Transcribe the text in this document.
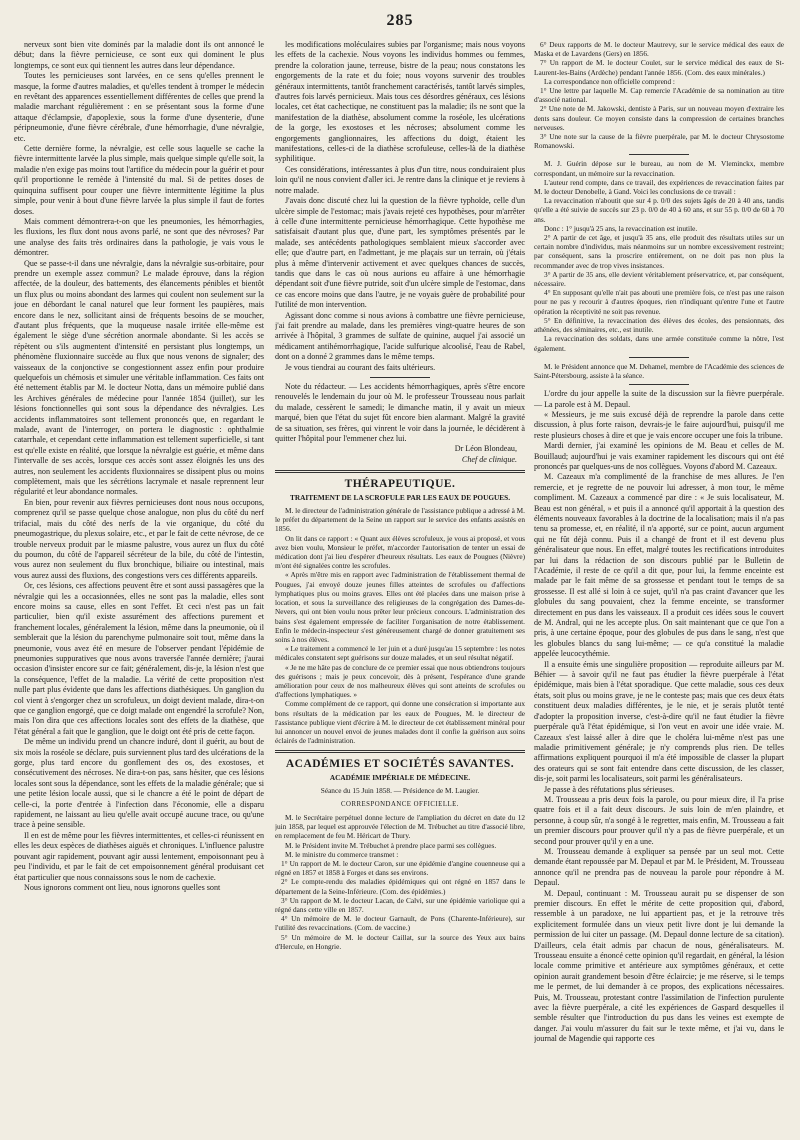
285

nerveux sont bien vite dominés par la maladie dont ils ont annoncé le début; dans la fièvre pernicieuse, ce sont eux qui dominent le plus longtemps, ce sont eux qui tiennent les autres dans leur dépendance.

Toutes les pernicieuses sont larvées, en ce sens qu'elles prennent le masque, la forme d'autres maladies, et qu'elles tendent à tromper le médecin en revêtant des apparences essentiellement différentes de celles que prend la maladie marchant régulièrement : en se présentant sous la forme d'une attaque d'éclampsie, d'apoplexie, sous la forme d'une dysenterie, d'une péripneumonie, d'une fièvre cérébrale, d'une hémorrhagie, d'une névralgie, etc.

Cette dernière forme, la névralgie, est celle sous laquelle se cache la fièvre intermittente larvée la plus simple, mais quelque simple qu'elle soit, la maladie n'en exige pas moins tout l'artifice du médecin pour la guérir et pour qu'il proportionne le remède à l'intensité du mal. Si de petites doses de quinquina suffisent pour couper une fièvre intermittente légitime la plus simple, pour venir à bout d'une fièvre larvée la plus simple il faut de fortes doses.

Mais comment démontrera-t-on que les pneumonies, les hémorrhagies, les fluxions, les flux dont nous avons parlé, ne sont que des névroses? Par une analyse des faits très ordinaires dans la pathologie, je vais vous le démontrer.

Que se passe-t-il dans une névralgie, dans la névralgie sus-orbitaire, pour prendre un exemple assez commun? Le malade éprouve, dans la région affectée, de la douleur, des battements, des élancements pénibles et bientôt un flux plus ou moins abondant des larmes qui coulent non seulement sur la joue en débordant le canal naturel que leur forment les paupières, mais encore dans le nez, sollicitant ainsi de fréquents besoins de se moucher, d'autant plus fréquents, que la muqueuse nasale irritée elle-même est également le siège d'une sécrétion anormale abondante. Si les accès se répètent ou s'ils augmentent d'intensité en persistant plus longtemps, un phénomène fluxionnaire succède au flux que nous venons de signaler; des vaisseaux de la conjonctive se congestionnent assez enfin pour produire quelquefois un chémosis et simuler une véritable inflammation. Ces faits ont été nettement établis par M. le docteur Notta, dans un mémoire publié dans les Archives générales de médecine pour l'année 1854 (juillet), sur les lésions fonctionnelles qui sont sous la dépendance des névralgies. Les accidents inflammatoires sont tellement prononcés que, en regardant le malade, avant de l'interroger, on portera le diagnostic : ophthalmie catarrhale, et cependant cette inflammation est tellement superficielle, si tant est qu'elle existe en réalité, que lorsque la névralgie est guérie, et même dans l'intervalle de ses accès, lorsque ces accès sont assez éloignés les uns des autres, non seulement les accidents fluxionnaires se dissipent plus ou moins complètement, mais que les sécrétions lacrymale et nasale reprennent leur régularité et leur abondance normales.

En bien, pour revenir aux fièvres pernicieuses dont nous nous occupons, comprenez qu'il se passe quelque chose analogue, non plus du côté du nerf trifacial, mais du côté des nerfs de la vie organique, du côté du pneumogastrique, du plexus solaire, etc., et par le fait de cette névrose, de ce trouble nerveux produit par le miasme palustre, vous aurez un flux du côté du poumon, du côté de l'appareil sécréteur de la bile, du côté de l'intestin, vous aurez non seulement du flux bronchique, biliaire ou intestinal, mais vous aurez aussi des fluxions, des congestions vers ces différents appareils.

Or, ces lésions, ces affections peuvent être et sont aussi passagères que la névralgie qui les a occasionnées, elles ne sont pas la maladie, elles sont encore moins sa cause, elles en sont l'effet. Et ceci n'est pas un fait particulier, bien qu'il existe assurément des affections purement et franchement locales, généralement la lésion, même dans la pneumonie, où il semblerait que la lésion du parenchyme pulmonaire soit tout, même dans la pneumonie, vous avez été en mesure de l'observer pendant l'épidémie de pneumonies suppuratives que nous avons traversée l'année dernière; j'aurai occasion d'insister encore sur ce fait; généralement, dis-je, la lésion n'est que la conséquence, l'effet de la maladie. La vérité de cette proposition n'est nulle part plus évidente que dans les affections diathésiques. Un ganglion du col vient à s'engorger chez un scrofuleux, un doigt devient malade, dira-t-on que ce ganglion engorgé, que ce doigt malade ont engendré la scrofule? Non, mais l'on dira que ces affections locales sont des effets de la diathèse, que l'état général a fait que le ganglion, que le doigt ont été pris de cette façon.

De même un individu prend un chancre induré, dont il guérit, au bout de six mois la roséole se déclare, puis surviennent plus tard des ulcérations de la gorge, plus tard encore du gonflement des os, des exostoses, et consécutivement des nécroses. Ne dira-t-on pas, sans hésiter, que ces lésions locales sont sous la dépendance, sont les effets de la maladie générale; que si une petite lésion locale aussi, que si le chancre a été le point de départ de celle-ci, la porte d'entrée à l'infection dans l'économie, elle a disparu rapidement, ne laissant au lieu qu'elle avait occupé aucune trace, ou qu'une trace à peine sensible.

Il en est de même pour les fièvres intermittentes, et celles-ci réunissent en elles les deux espèces de diathèses aiguës et chroniques. L'influence palustre pouvant agir rapidement, pouvant agir aussi lentement, empoisonnant peu à peu l'individu, et par le fait de cet empoisonnement général produisant cet état particulier que nous connaissons sous le nom de cachexie.

Nous ignorons comment ont lieu, nous ignorons quelles sont

les modifications moléculaires subies par l'organisme; mais nous voyons les effets de la cachexie. Nous voyons les individus hommes ou femmes, prendre la coloration jaune, terreuse, bistre de la peau; nous constatons les engorgements de la rate et du foie; nous voyons survenir des troubles généraux intermittents, tantôt franchement caractérisés, tantôt larvés simples, d'autres fois larvés pernicieux. Mais tous ces désordres généraux, ces lésions locales, cet état cachectique, ne constituent pas la maladie; ils ne sont que la manifestation de la diathèse, absolument comme la roséole, les ulcérations de la gorge, les exostoses et les nécroses; absolument comme les engorgements ganglionnaires, les affections du doigt, étaient les manifestations, celles-ci de la diathèse scrofuleuse, celles-là de la diathèse syphilitique.

Ces considérations, intéressantes à plus d'un titre, nous conduiraient plus loin qu'il ne nous convient d'aller ici. Je rentre dans la clinique et je reviens à notre malade.

J'avais donc discuté chez lui la question de la fièvre typhoïde, celle d'un ulcère simple de l'estomac; mais j'avais rejeté ces hypothèses, pour m'arrêter à celle d'une intermittente pernicieuse hémorrhagique. Cette hypothèse me satisfaisait d'autant plus que, d'une part, les symptômes présentés par le malade, ses antécédents pathologiques semblaient mieux s'accorder avec elle; que d'autre part, en l'admettant, je me plaçais sur un terrain, où j'étais plus à même d'intervenir activement et avec quelques chances de succès, tandis que dans le cas où nous aurions eu affaire à une hémorrhagie dépendant soit d'une fièvre putride, soit d'un ulcère simple de l'estomac, dans ce cas encore moins que dans l'autre, je ne voyais guère de probabilité pour l'utilité de mon intervention.

Agissant donc comme si nous avions à combattre une fièvre pernicieuse, j'ai fait prendre au malade, dans les premières vingt-quatre heures de son arrivée à l'hôpital, 3 grammes de sulfate de quinine, auquel j'ai associé un médicament antihémorrhagique, l'acide sulfurique alcoolisé, l'eau de Rabel, dont on a donné 2 grammes dans le même temps.

Je vous tiendrai au courant des faits ultérieurs.

Note du rédacteur. — Les accidents hémorrhagiques, après s'être encore renouvelés le lendemain du jour où M. le professeur Trousseau nous parlait du malade, cessèrent le samedi; le dimanche matin, il y avait un mieux marqué, bien que l'état du sujet fût encore bien alarmant. Malgré la gravité de sa situation, ses frères, qui vinrent le voir dans la journée, le décidèrent à quitter l'hôpital pour l'emmener chez lui.

Dr Léon Blondeau,

Chef de clinique.

THÉRAPEUTIQUE.
TRAITEMENT DE LA SCROFULE PAR LES EAUX DE POUGUES.

M. le directeur de l'administration générale de l'assistance publique a adressé à M. le préfet du département de la Seine un rapport sur le service des enfants assistés en 1856.

On lit dans ce rapport : « Quant aux élèves scrofuleux, je vous ai proposé, et vous avez bien voulu, Monsieur le préfet, m'accorder l'autorisation de tenter un essai de médication dont j'ai lieu d'espérer d'heureux résultats. Les eaux de Pougues (Nièvre) m'ont été signalées contre les scrofules.

« Après m'être mis en rapport avec l'administration de l'établissement thermal de Pougues, j'ai envoyé douze jeunes filles atteintes de scrofules ou d'affections lymphatiques plus ou moins graves. Elles ont été placées dans une maison prise à location, et sous la surveillance des religieuses de la congrégation des Dames-de-Nevers, qui ont bien voulu nous prêter leur précieux concours. L'administration des bains s'est également empressée de faciliter l'organisation de notre établissement. Enfin le médecin-inspecteur s'est généreusement chargé de donner gratuitement ses soins à nos élèves.

« Le traitement a commencé le 1er juin et a duré jusqu'au 15 septembre : les notes médicales constatent sept guérisons sur douze malades, et un seul résultat négatif.

« Je ne me hâte pas de conclure de ce premier essai que nous obtiendrons toujours des guérisons ; mais je peux concevoir, dès à présent, l'espérance d'une grande amélioration pour ceux de nos malheureux élèves qui sont atteints de scrofules ou d'affections lymphatiques. »

Comme complément de ce rapport, qui donne une consécration si importante aux bons résultats de la médication par les eaux de Pougues, M. le directeur de l'assistance publique vient d'écrire à M. le directeur de cet établissement minéral pour lui annoncer un nouvel envoi de jeunes malades dont il confie la guérison aux soins éclairés de l'administration.

ACADÉMIES ET SOCIÉTÉS SAVANTES.
ACADÉMIE IMPÉRIALE DE MÉDECINE.
Séance du 15 Juin 1858. — Présidence de M. Laugier.
CORRESPONDANCE OFFICIELLE.

M. le Secrétaire perpétuel donne lecture de l'ampliation du décret en date du 12 juin 1858, par lequel est approuvée l'élection de M. Trébuchet au titre d'associé libre, en remplacement de feu M. Héricart de Thury.

M. le Président invite M. Trébuchet à prendre place parmi ses collègues.

M. le ministre du commerce transmet :

1° Un rapport de M. le docteur Caron, sur une épidémie d'angine couenneuse qui a régné en 1857 et 1858 à Forges et dans ses environs.

2° Le compte-rendu des maladies épidémiques qui ont régné en 1857 dans le département de la Seine-Inférieure. (Com. des épidémies.)

3° Un rapport de M. le docteur Lacan, de Calvi, sur une épidémie variolique qui a régné dans cette ville en 1857.

4° Un mémoire de M. le docteur Garnault, de Pons (Charente-Inférieure), sur l'utilité des revaccinations. (Com. de vaccine.)

5° Un mémoire de M. le docteur Caillat, sur la source des Yeux aux bains d'Hercule, en Hongrie.

6° Deux rapports de M. le docteur Mautrevy, sur le service médical des eaux de Maska et de Lavardens (Gers) en 1856.

7° Un rapport de M. le docteur Coulet, sur le service médical des eaux de St-Laurent-les-Bains (Ardèche) pendant l'année 1856. (Com. des eaux minérales.)

La correspondance non officielle comprend :

1° Une lettre par laquelle M. Cap remercie l'Académie de sa nomination au titre d'associé national.

2° Une note de M. Jakowski, dentiste à Paris, sur un nouveau moyen d'extraire les dents sans douleur. Ce moyen consiste dans la compression de certaines branches nerveuses.

3° Une note sur la cause de la fièvre puerpérale, par M. le docteur Chrysostome Romanowski.

M. J. Guérin dépose sur le bureau, au nom de M. Vleminckx, membre correspondant, un mémoire sur la revaccination.

L'auteur rend compte, dans ce travail, des expériences de revaccination faites par M. le docteur Denobelle, à Gand. Voici les conclusions de ce travail :

La revaccination n'aboutit que sur 4 p. 0/0 des sujets âgés de 20 à 40 ans, tandis qu'elle a été suivie de succès sur 23 p. 0/0 de 40 à 60 ans, et sur 55 p. 0/0 de 60 à 70 ans.

Donc : 1° jusqu'à 25 ans, la revaccination est inutile.

2° A partir de cet âge, et jusqu'à 35 ans, elle produit des résultats utiles sur un certain nombre d'individus, mais néanmoins sur un nombre excessivement restreint; par conséquent, sans la proscrire entièrement, on ne doit pas non plus la recommander avec de trop vives insistances.

3° A partir de 35 ans, elle devient véritablement préservatrice, et, par conséquent, nécessaire.

4° En supposant qu'elle n'ait pas abouti une première fois, ce n'est pas une raison pour ne pas y recourir à d'autres époques, rien n'indiquant qu'entre l'une et l'autre opération la réceptivité ne soit pas revenue.

5° En définitive, la revaccination des élèves des écoles, des pensionnats, des athénées, des séminaires, etc., est inutile.

La revaccination des soldats, dans une armée constituée comme la nôtre, l'est également.

M. le Président annonce que M. Dehamel, membre de l'Académie des sciences de Saint-Pétersbourg, assiste à la séance.

L'ordre du jour appelle la suite de la discussion sur la fièvre puerpérale. — La parole est à M. Depaul.

« Messieurs, je me suis excusé déjà de reprendre la parole dans cette discussion, à plus forte raison, devrais-je le faire aujourd'hui, puisqu'il me reste plusieurs choses à dire et que je vais encore occuper une fois la tribune.

Mardi dernier, j'ai examiné les opinions de M. Beau et celles de M. Bouillaud; aujourd'hui je vais examiner rapidement les discours qui ont été prononcés par quelques-uns de nos collègues. Voyons d'abord M. Cazeaux.

M. Cazeaux m'a complimenté de la franchise de mes allures. Je l'en remercie, et je regrette de ne pouvoir lui adresser, à mon tour, le même compliment. M. Cazeaux a commencé par dire : « Je suis localisateur, M. Beau est non général, » et puis il a annoncé qu'il apportait à la question des éléments nouveaux favorables à la doctrine de la localisation; mais il n'a pas tenu sa promesse, et, en réalité, il n'a apporté, sur ce point, aucun argument qui ne fût déjà connu. Puis il a changé de front et il est devenu plus généralisateur que nous. En effet, malgré toutes les rectifications introduites par lui dans la rédaction de son discours publié par le Bulletin de l'Académie, il reste de ce qu'il a dit que, pour lui, la femme enceinte est malade par le fait même de sa grossesse et pendant tout le temps de sa grossesse. Il est allé si loin à ce sujet, qu'il n'a pas craint d'avancer que les globules du sang pouvaient, chez la femme enceinte, se transformer directement en pus dans les vaisseaux. Il a produit ces idées sous le couvert de M. Andral, qui ne les accepte plus. On sait maintenant que ce que l'on a pris, à une certaine époque, pour des globules de pus dans le sang, n'est que les globules blancs du sang lui-même; — ce qu'a constitué la maladie appelée leucocythémie.

Il a ensuite émis une singulière proposition — reproduite ailleurs par M. Béhier — à savoir qu'il ne faut pas étudier la fièvre puerpérale à l'état épidémique, mais bien à l'état sporadique. Que cette maladie, sous ces deux états, soit plus ou moins grave, je ne le conteste pas; mais que ces deux états constituent deux maladies différentes, je le nie, et je serais plutôt tenté d'adopter la proposition inverse, c'est-à-dire qu'il ne faut étudier la fièvre puerpérale qu'à l'état épidémique, si l'on veut en avoir une idée vraie. M. Cazeaux s'est laissé aller à dire que le choléra lui-même n'est pas une maladie primitivement générale; je n'y comprends plus rien. De telles affirmations expliquent pourquoi il m'a été impossible de classer la plupart des orateurs qui se sont fait entendre dans cette discussion, de les classer, dis-je, soit parmi les localisateurs, soit parmi les généralisateurs.

Je passe à des réfutations plus sérieuses.

M. Trousseau a pris deux fois la parole, ou pour mieux dire, il l'a prise quatre fois et il a fait deux discours. Je suis loin de m'en plaindre, et personne, à coup sûr, n'a songé à le regretter, mais enfin, M. Trousseau a fait un premier discours pour prouver qu'il n'y a pas de fièvre puerpérale, et un second pour prouver qu'il y en a une.

M. Trousseau demande à expliquer sa pensée par un seul mot. Cette demande étant repoussée par M. Depaul et par M. le Président, M. Trousseau annonce qu'il ne prendra pas de nouveau la parole pour répondre à M. Depaul.

M. Depaul, continuant : M. Trousseau aurait pu se dispenser de son premier discours. En effet le mérite de cette proposition qui, d'abord, ressemble à un paradoxe, ne lui appartient pas, et je la retrouve très explicitement formulée dans un vieux petit livre dont je lui demande la permission de lui citer un passage. (M. Depaul donne lecture de sa citation). D'ailleurs, cela était admis par chacun de nous, généralisateurs. M. Trousseau ensuite a énoncé cette opinion qu'il regardait, en général, la lésion locale comme primitive et antérieure aux symptômes généraux, et cette opinion aurait grandement besoin d'être éclaircie; je me réserve, si le temps me le permet, de lui demander à ce propos, des explications nécessaires. Puis, M. Trousseau, protestant contre l'assimilation de l'infection purulente avec la fièvre puerpérale, a cité les expériences de Gaspard desquelles il semble résulter que l'introduction du pus dans les veines est exempte de danger. J'ai voulu m'assurer du fait sur le texte même, et j'ai vu, dans le journal de Magendie qui rapporte ces
